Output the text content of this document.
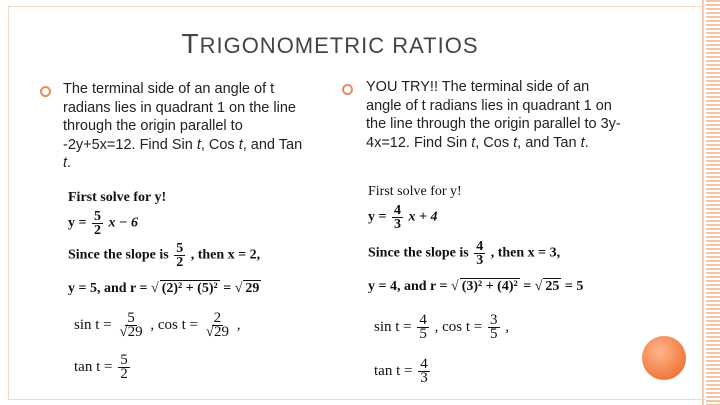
TRIGONOMETRIC RATIOS
The terminal side of an angle of t radians lies in quadrant 1 on the line through the origin parallel to -2y+5x=12. Find Sin t, Cos t, and Tan t.
First solve for y!
$y = \frac{5}{2}$ x − 6
Since the slope is $\frac{5}{2}$ , then x = 2,
y = 5, and r = √ (2)² + (5)² = √ 29
$\sin t = \frac{5}{√29}$ , $\cos t = \frac{2}{√29}$ ,
$\tan t = \frac{5}{2}$
YOU TRY!! The terminal side of an angle of t radians lies in quadrant 1 on the line through the origin parallel to 3y-4x=12. Find Sin t, Cos t, and Tan t.
First solve for y!
$y = \frac{4}{3}$ x + 4
Since the slope is $\frac{4}{3}$ , then x = 3,
y = 4, and r = √ (3)² + (4)² = √ 25 = 5
$\sin t = \frac{4}{5}$ , $\cos t = \frac{3}{5}$ ,
$\tan t = \frac{4}{3}$
